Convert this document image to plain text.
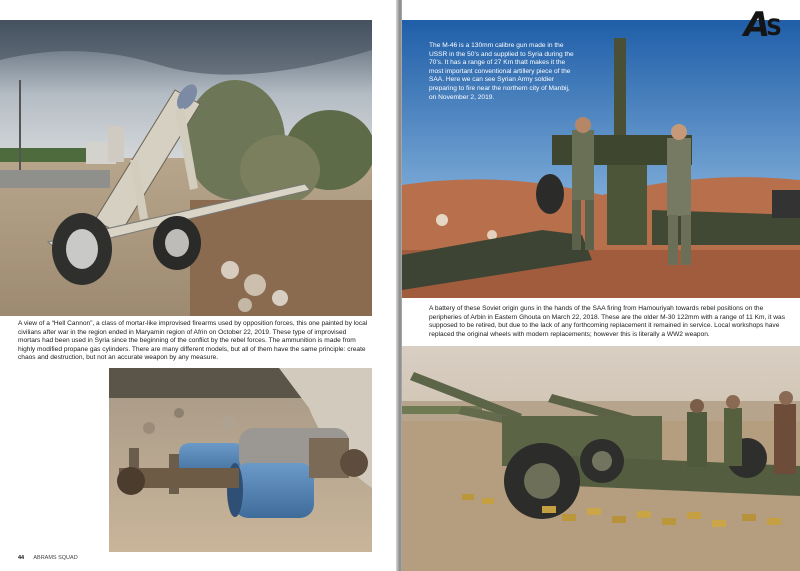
A view of a “Hell Cannon”, a class of mortar-like improvised firearms used by opposition forces, this one painted by local civilians after war in the region ended in Maryamin region of Afrin on October 22, 2019. These type of improvised mortars had been used in Syria since the beginning of the conflict by the rebel forces. The ammunition is made from highly modified propane gas cylinders. There are many different models, but all of them have the same principle: create chaos and destruction, but not an accurate weapon by any measure.
44 ABRAMS SQUAD
The M-46 is a 130mm calibre gun made in the USSR in the 50’s and supplied to Syria during the 70’s. It has a range of 27 Km thatt makes it the most important conventional artillery piece of the SAA. Here we can see Syrian Army soldier preparing to fire near the northern city of Manbij, on November 2, 2019.
A
S
A battery of these Soviet origin guns in the hands of the SAA firing from Hamouriyah towards rebel positions on the peripheries of Arbin in Eastern Ghouta on March 22, 2018. These are the older M-30 122mm with a range of 11 Km, it was supposed to be retired, but due to the lack of any forthcoming replacement it remained in service. Local workshops have replaced the original wheels with modern replacements; however this is literally a WW2 weapon.
